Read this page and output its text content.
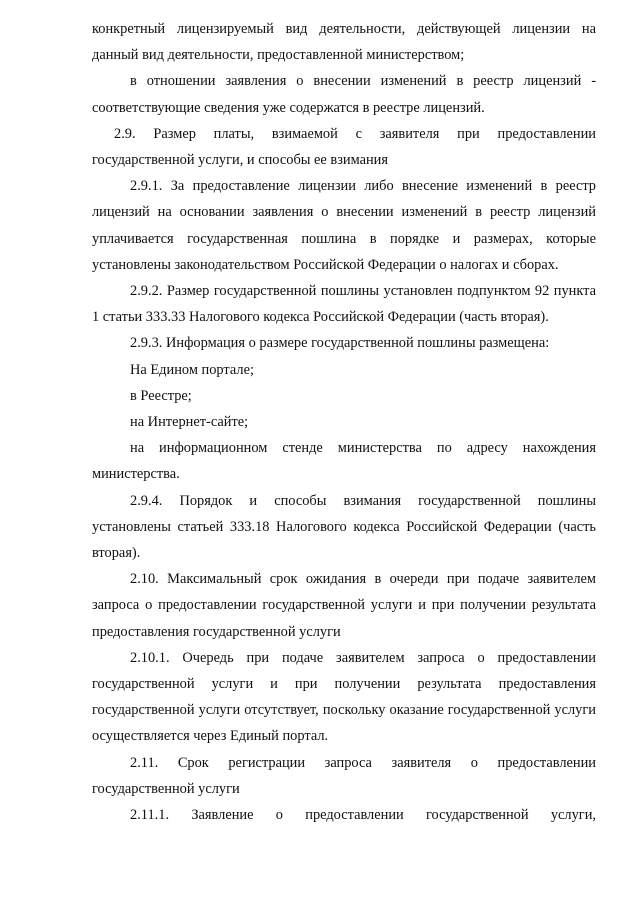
конкретный лицензируемый вид деятельности, действующей лицензии на данный вид деятельности, предоставленной министерством;

в отношении заявления о внесении изменений в реестр лицензий - соответствующие сведения уже содержатся в реестре лицензий.

2.9. Размер платы, взимаемой с заявителя при предоставлении государственной услуги, и способы ее взимания

2.9.1. За предоставление лицензии либо внесение изменений в реестр лицензий на основании заявления о внесении изменений в реестр лицензий уплачивается государственная пошлина в порядке и размерах, которые установлены законодательством Российской Федерации о налогах и сборах.

2.9.2. Размер государственной пошлины установлен подпунктом 92 пункта 1 статьи 333.33 Налогового кодекса Российской Федерации (часть вторая).

2.9.3. Информация о размере государственной пошлины размещена:

На Едином портале;

в Реестре;

на Интернет-сайте;

на информационном стенде министерства по адресу нахождения министерства.

2.9.4. Порядок и способы взимания государственной пошлины установлены статьей 333.18 Налогового кодекса Российской Федерации (часть вторая).

2.10. Максимальный срок ожидания в очереди при подаче заявителем запроса о предоставлении государственной услуги и при получении результата предоставления государственной услуги

2.10.1. Очередь при подаче заявителем запроса о предоставлении государственной услуги и при получении результата предоставления государственной услуги отсутствует, поскольку оказание государственной услуги осуществляется через Единый портал.

2.11. Срок регистрации запроса заявителя о предоставлении государственной услуги

2.11.1. Заявление о предоставлении государственной услуги,
